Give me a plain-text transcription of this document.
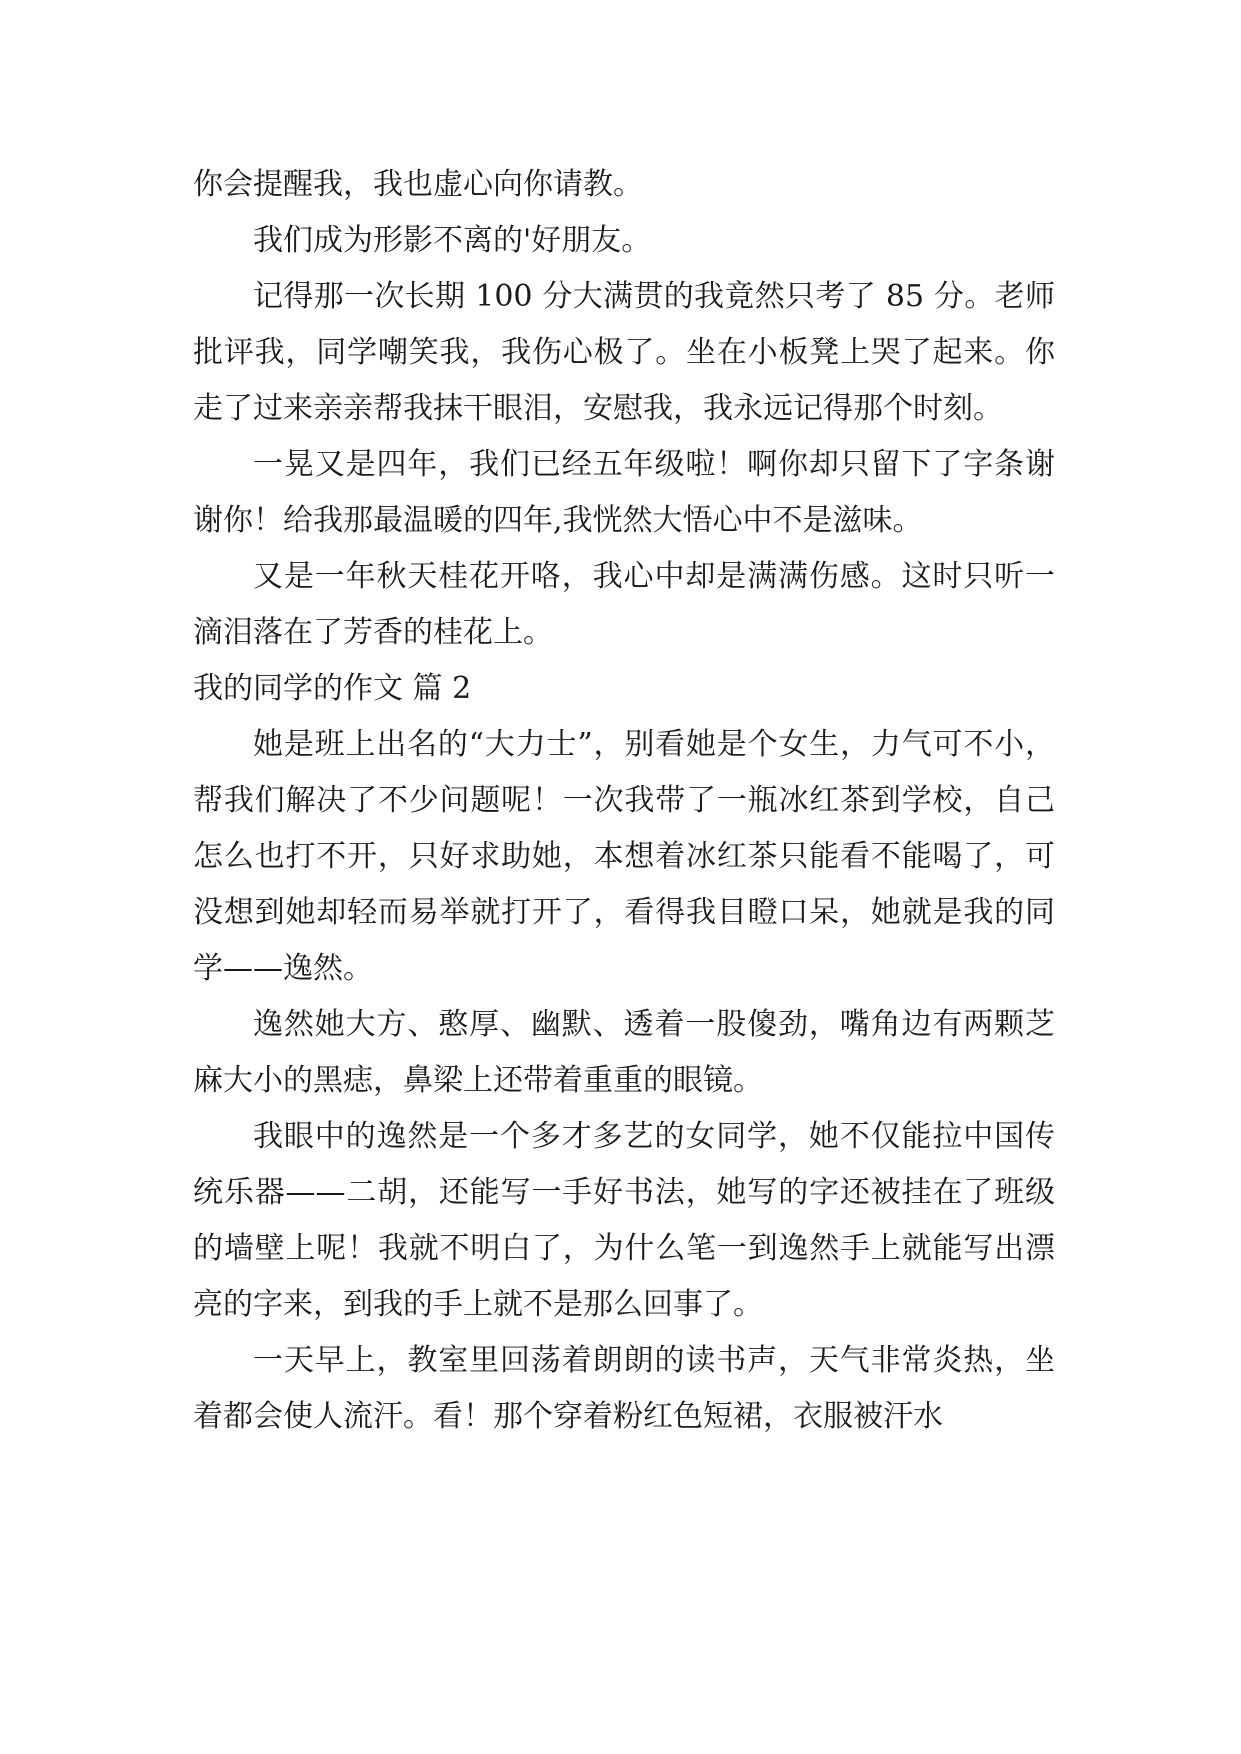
你会提醒我，我也虚心向你请教。

我们成为形影不离的'好朋友。

记得那一次长期 100 分大满贯的我竟然只考了 85 分。老师批评我，同学嘲笑我，我伤心极了。坐在小板凳上哭了起来。你走了过来亲亲帮我抹干眼泪，安慰我，我永远记得那个时刻。

一晃又是四年，我们已经五年级啦！啊你却只留下了字条谢谢你！给我那最温暖的四年,我恍然大悟心中不是滋味。

又是一年秋天桂花开咯，我心中却是满满伤感。这时只听一滴泪落在了芳香的桂花上。

我的同学的作文 篇 2

她是班上出名的“大力士”，别看她是个女生，力气可不小，帮我们解决了不少问题呢！一次我带了一瓶冰红茶到学校，自己怎么也打不开，只好求助她，本想着冰红茶只能看不能喝了，可没想到她却轻而易举就打开了，看得我目瞪口呆，她就是我的同学——逸然。

逸然她大方、憨厚、幽默、透着一股傻劲，嘴角边有两颗芝麻大小的黑痣，鼻梁上还带着重重的眼镜。

我眼中的逸然是一个多才多艺的女同学，她不仅能拉中国传统乐器——二胡，还能写一手好书法，她写的字还被挂在了班级的墙壁上呢！我就不明白了，为什么笔一到逸然手上就能写出漂亮的字来，到我的手上就不是那么回事了。

一天早上，教室里回荡着朗朗的读书声，天气非常炎热，坐着都会使人流汗。看！那个穿着粉红色短裙，衣服被汗水
